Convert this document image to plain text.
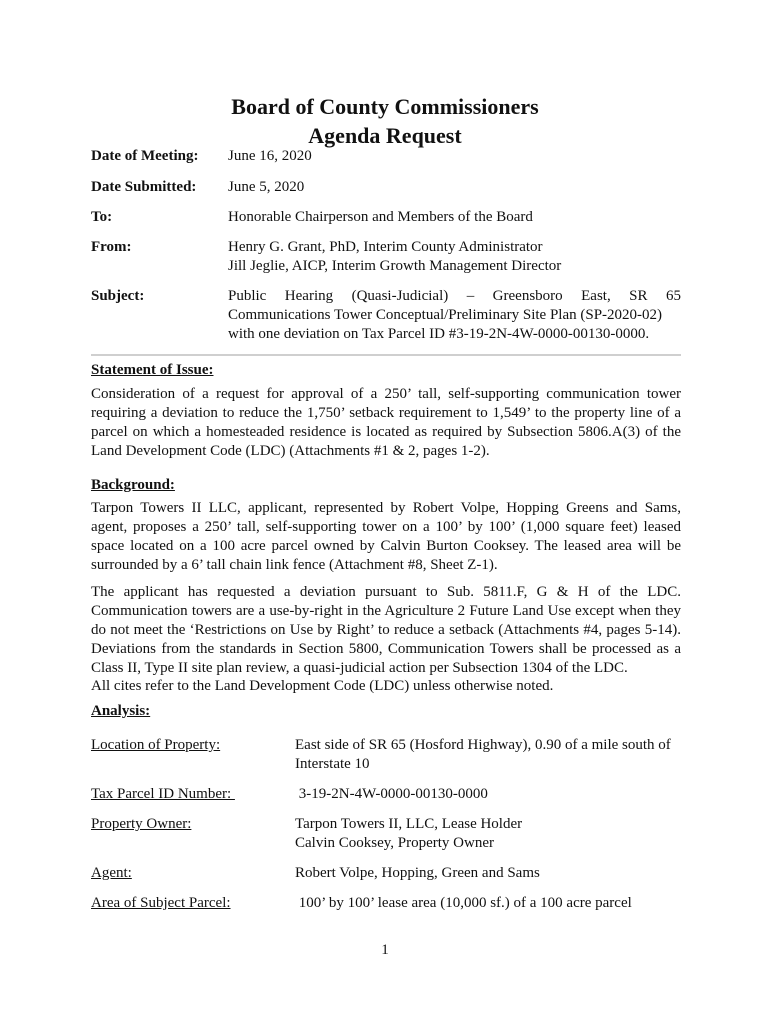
Board of County Commissioners
Agenda Request
Date of Meeting: June 16, 2020
Date Submitted: June 5, 2020
To:	Honorable Chairperson and Members of the Board
From:	Henry G. Grant, PhD, Interim County Administrator
Jill Jeglie, AICP, Interim Growth Management Director
Subject:	Public Hearing (Quasi-Judicial) – Greensboro East, SR 65
Communications Tower Conceptual/Preliminary Site Plan (SP-2020-02)
with one deviation on Tax Parcel ID #3-19-2N-4W-0000-00130-0000.
Statement of Issue:
Consideration of a request for approval of a 250’ tall, self-supporting communication tower
requiring a deviation to reduce the 1,750’ setback requirement to 1,549’ to the property line of a
parcel on which a homesteaded residence is located as required by Subsection 5806.A(3) of the
Land Development Code (LDC) (Attachments #1 & 2, pages 1-2).
Background:
Tarpon Towers II LLC, applicant, represented by Robert Volpe, Hopping Greens and Sams,
agent, proposes a 250’ tall, self-supporting tower on a 100’ by 100’ (1,000 square feet) leased
space located on a 100 acre parcel owned by Calvin Burton Cooksey. The leased area will be
surrounded by a 6’ tall chain link fence (Attachment #8, Sheet Z-1).
The applicant has requested a deviation pursuant to Sub. 5811.F, G & H of the LDC.
Communication towers are a use-by-right in the Agriculture 2 Future Land Use except when they
do not meet the ‘Restrictions on Use by Right’ to reduce a setback (Attachments #4, pages 5-14).
Deviations from the standards in Section 5800, Communication Towers shall be processed as a
Class II, Type II site plan review, a quasi-judicial action per Subsection 1304 of the LDC.
All cites refer to the Land Development Code (LDC) unless otherwise noted.
Analysis:
Location of Property:	East side of SR 65 (Hosford Highway), 0.90 of a mile south of
Interstate 10
Tax Parcel ID Number:	3-19-2N-4W-0000-00130-0000
Property Owner:	Tarpon Towers II, LLC, Lease Holder
Calvin Cooksey, Property Owner
Agent:	Robert Volpe, Hopping, Green and Sams
Area of Subject Parcel:	100’ by 100’ lease area (10,000 sf.) of a 100 acre parcel
1
